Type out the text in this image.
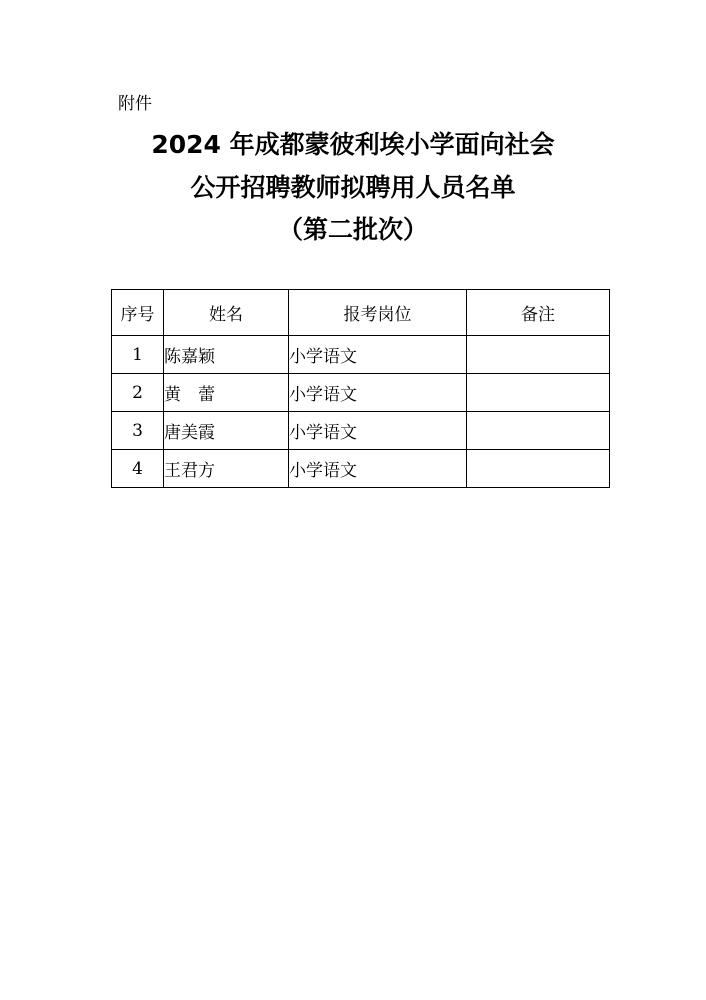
附件
2024 年成都蒙彼利埃小学面向社会
公开招聘教师拟聘用人员名单
（第二批次）
序号	姓名	报考岗位	备注
1	陈嘉颖	小学语文	
2	黄　蕾	小学语文	
3	唐美霞	小学语文	
4	王君方	小学语文	
